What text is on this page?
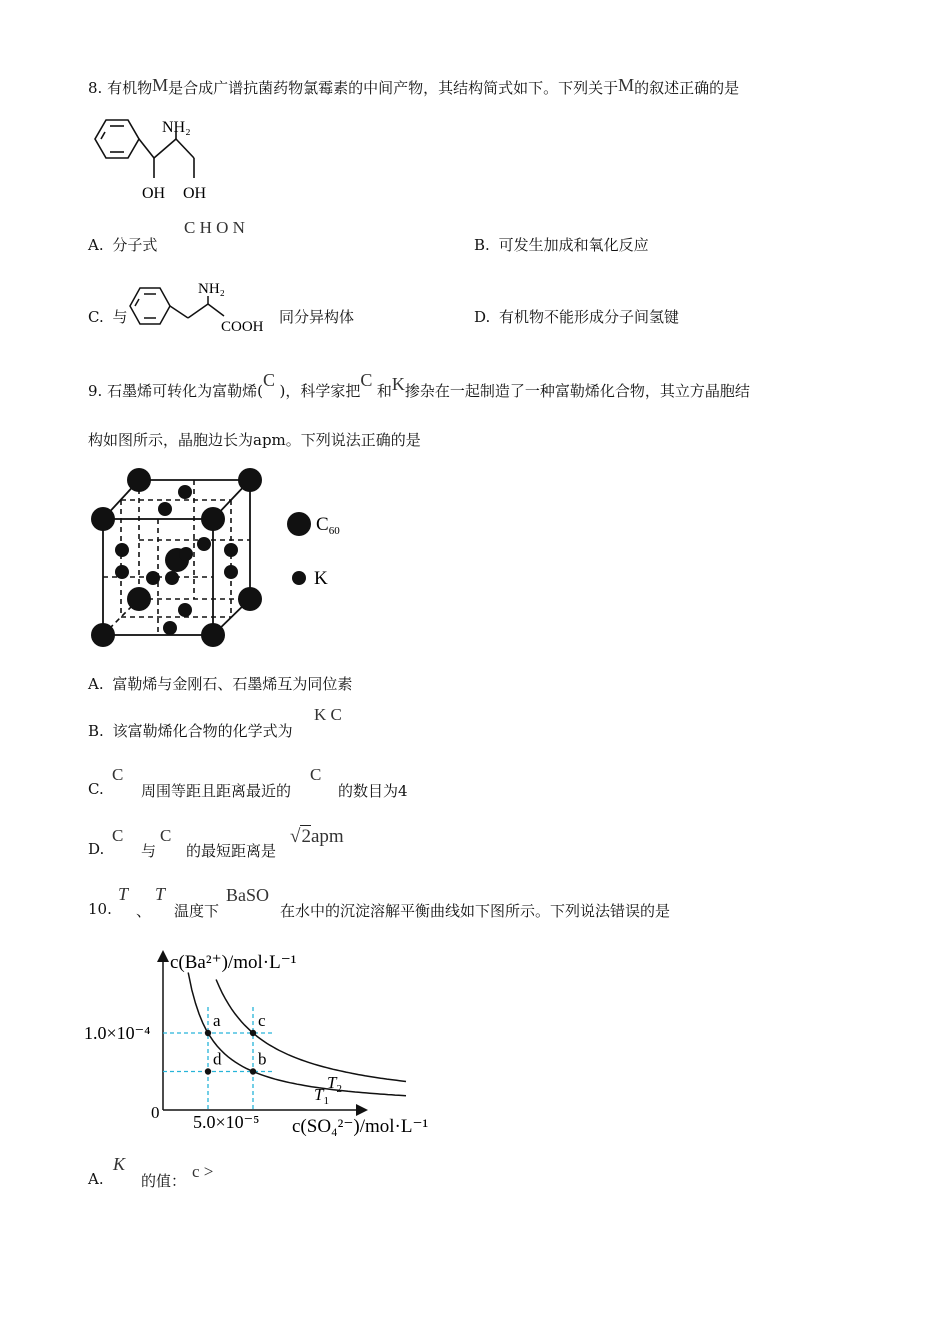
8. 有机物M是合成广谱抗菌药物氯霉素的中间产物，其结构简式如下。下列关于M的叙述正确的是
NH₂
OH OH
A. 分子式
C H O N
B. 可发生加成和氧化反应
C. 与
NH₂
COOH
同分异构体	D. 有机物不能形成分子间氢键
9. 石墨烯可转化为富勒烯(C  )，科学家把C  和K掺杂在一起制造了一种富勒烯化合物，其立方晶胞结
构如图所示，晶胞边长为apm。下列说法正确的是
$C_{60}$
K
A. 富勒烯与金刚石、石墨烯互为同位素
B. 该富勒烯化合物的化学式为
K C
C.
C
周围等距且距离最近的
C
的数目为4
D.
C
与
C
的最短距离是
√2apm
10.
T
、
T
温度下
BaSO
在水中的沉淀溶解平衡曲线如下图所示。下列说法错误的是
a c
d b
c(Ba²⁺)/mol·L⁻¹
1.0×10⁻⁴
0 5.0×10⁻⁵ c(SO₄²⁻)/mol·L⁻¹
$T_2$
$T_1$
A.
K
的值： c >
